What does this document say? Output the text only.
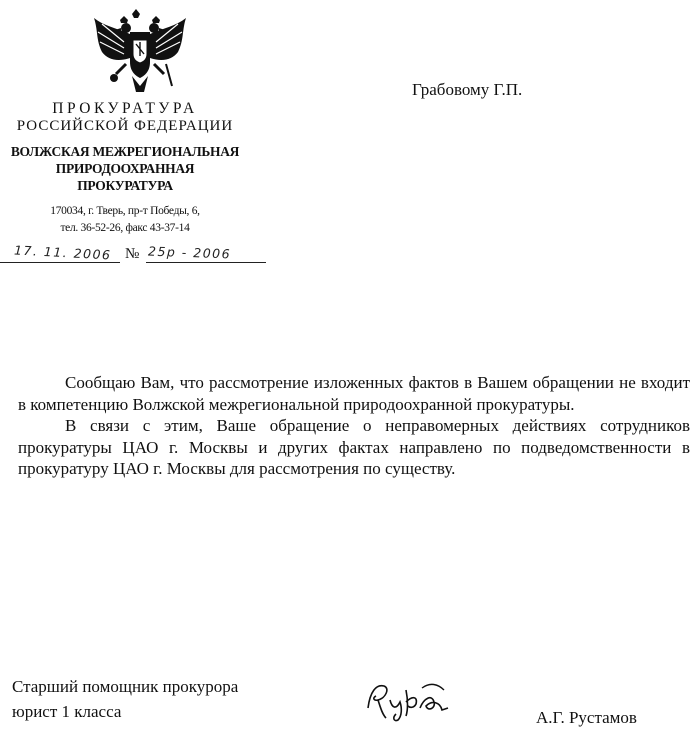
ПРОКУРАТУРА
РОССИЙСКОЙ ФЕДЕРАЦИИ
ВОЛЖСКАЯ МЕЖРЕГИОНАЛЬНАЯ
ПРИРОДООХРАННАЯ
ПРОКУРАТУРА
170034, г. Тверь, пр-т Победы, 6,
тел. 36-52-26, факс 43-37-14
17. 11. 2006 № 25р - 2006
Грабовому Г.П.

Сообщаю Вам, что рассмотрение изложенных фактов в Вашем обращении не входит в компетенцию Волжской межрегиональной природоохранной прокуратуры.

В связи с этим, Ваше обращение о неправомерных действиях сотрудников прокуратуры ЦАО г. Москвы и других фактах направлено по подведомственности в прокуратуру ЦАО г. Москвы для рассмотрения по существу.

Старший помощник прокурора
юрист 1 класса	А.Г. Рустамов
